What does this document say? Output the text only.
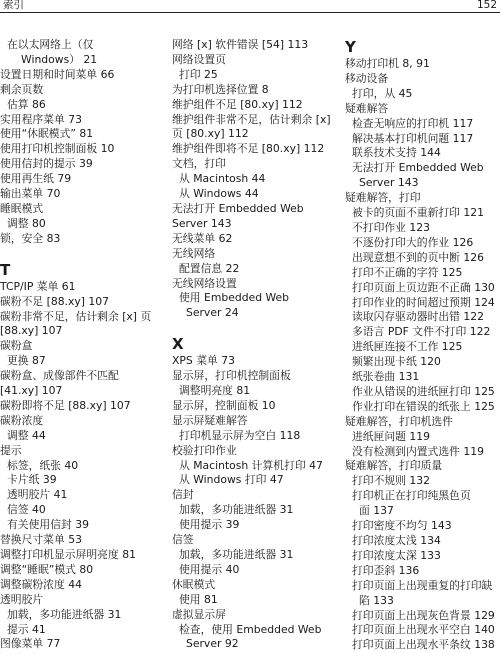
索引	152
在以太网络上（仅
Windows） 21
设置日期和时间菜单 66
剩余页数
估算 86
实用程序菜单 73
使用“休眠模式” 81
使用打印机控制面板 10
使用信封的提示 39
使用再生纸 79
输出菜单 70
睡眠模式
调整 80
锁，安全 83
T
TCP/IP 菜单 61
碳粉不足 [88.xy] 107
碳粉非常不足，估计剩余 [x] 页
[88.xy] 107
碳粉盒
更换 87
碳粉盒、成像部件不匹配
[41.xy] 107
碳粉即将不足 [88.xy] 107
碳粉浓度
调整 44
提示
标签，纸张 40
卡片纸 39
透明胶片 41
信签 40
有关使用信封 39
替换尺寸菜单 53
调整打印机显示屏明亮度 81
调整“睡眠”模式 80
调整碳粉浓度 44
透明胶片
加载，多功能进纸器 31
提示 41
图像菜单 77
网络 [x] 软件错误 [54] 113
网络设置页
打印 25
为打印机选择位置 8
维护组件不足 [80.xy] 112
维护组件非常不足，估计剩余 [x]
页 [80.xy] 112
维护组件即将不足 [80.xy] 112
文档，打印
从 Macintosh 44
从 Windows 44
无法打开 Embedded Web
Server 143
无线菜单 62
无线网络
配置信息 22
无线网络设置
使用 Embedded Web
Server 24
X
XPS 菜单 73
显示屏，打印机控制面板
调整明亮度 81
显示屏，控制面板 10
显示屏疑难解答
打印机显示屏为空白 118
校验打印作业
从 Macintosh 计算机打印 47
从 Windows 打印 47
信封
加载，多功能进纸器 31
使用提示 39
信签
加载，多功能进纸器 31
使用提示 40
休眠模式
使用 81
虚拟显示屏
检查，使用 Embedded Web
Server 92
Y
移动打印机 8, 91
移动设备
打印，从 45
疑难解答
检查无响应的打印机 117
解决基本打印机问题 117
联系技术支持 144
无法打开 Embedded Web
Server 143
疑难解答，打印
被卡的页面不重新打印 121
不打印作业 123
不逐份打印大的作业 126
出现意想不到的页中断 126
打印不正确的字符 125
打印页面上页边距不正确 130
打印作业的时间超过预期 124
读取闪存驱动器时出错 122
多语言 PDF 文件不打印 122
进纸匣连接不工作 125
频繁出现卡纸 120
纸张卷曲 131
作业从错误的进纸匣打印 125
作业打印在错误的纸张上 125
疑难解答，打印机选件
进纸匣问题 119
没有检测到内置式选件 119
疑难解答，打印质量
打印不规则 132
打印机正在打印纯黑色页
面 137
打印密度不均匀 143
打印浓度太浅 134
打印浓度太深 133
打印歪斜 136
打印页面上出现重复的打印缺
陷 133
打印页面上出现灰色背景 129
打印页面上出现水平空白 140
打印页面上出现水平条纹 138
